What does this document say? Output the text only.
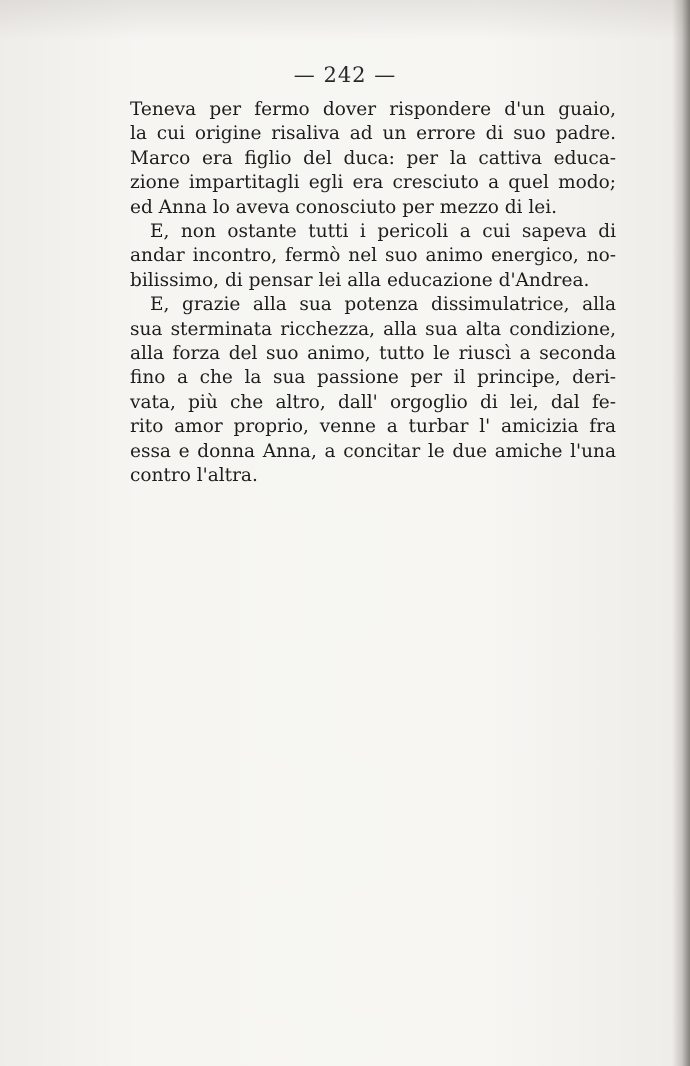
— 242 —

Teneva per fermo dover rispondere d'un guaio,
la cui origine risaliva ad un errore di suo padre.
Marco era figlio del duca: per la cattiva educa-
zione impartitagli egli era cresciuto a quel modo;
ed Anna lo aveva conosciuto per mezzo di lei.

E, non ostante tutti i pericoli a cui sapeva di
andar incontro, fermò nel suo animo energico, no-
bilissimo, di pensar lei alla educazione d'Andrea.

E, grazie alla sua potenza dissimulatrice, alla
sua sterminata ricchezza, alla sua alta condizione,
alla forza del suo animo, tutto le riuscì a seconda
fino a che la sua passione per il principe, deri-
vata, più che altro, dall' orgoglio di lei, dal fe-
rito amor proprio, venne a turbar l' amicizia fra
essa e donna Anna, a concitar le due amiche l'una
contro l'altra.
